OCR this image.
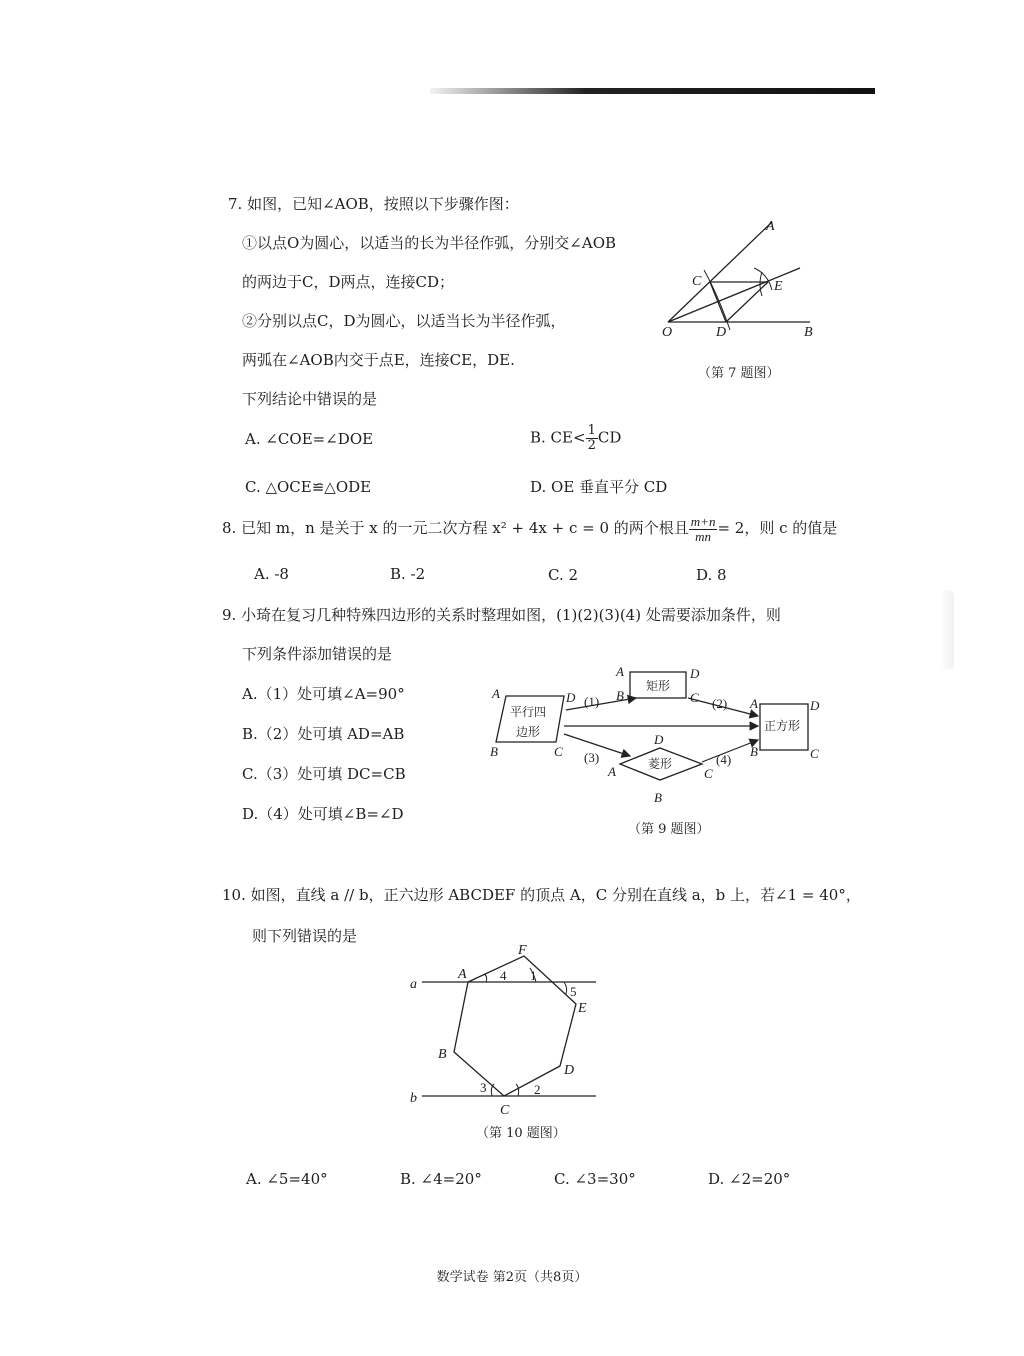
7. 如图，已知∠AOB，按照以下步骤作图：
①以点O为圆心，以适当的长为半径作弧，分别交∠AOB
的两边于C，D两点，连接CD；
②分别以点C，D为圆心，以适当长为半径作弧，
两弧在∠AOB内交于点E，连接CE，DE.
下列结论中错误的是
A. ∠COE=∠DOE	B. $CE< \frac{1}{2}$ CD
C. △OCE≌△ODE	D. OE 垂直平分 CD
A
C	E
O	D	B
（第 7 题图）
8. 已知 m，n 是关于 x 的一元二次方程 x² + 4x + c = 0 的两个根且 $\frac{m+n}{mn} = 2$，则 c 的值是
A. -8	B. -2	C. 2	D. 8
9. 小琦在复习几种特殊四边形的关系时整理如图，(1)(2)(3)(4) 处需要添加条件，则
下列条件添加错误的是
A.（1）处可填∠A=90°
B.（2）处可填 AD=AB
C.（3）处可填 DC=CB
D.（4）处可填∠B=∠D
平行四
边形
矩形
菱形
正方形
(1)	(2)
(3)	(4)
A	D
B	C
A	D
B	C
D
A	C
B
A	D
B	C
（第 9 题图）
10. 如图，直线 a // b，正六边形 ABCDEF 的顶点 A，C 分别在直线 a，b 上，若∠1 = 40°，
则下列错误的是
a
b
A
F
E
D
C
B
4 1
5
3	2
（第 10 题图）
A. ∠5=40°	B. ∠4=20°	C. ∠3=30°	D. ∠2=20°
数学试卷 第2页（共8页）
